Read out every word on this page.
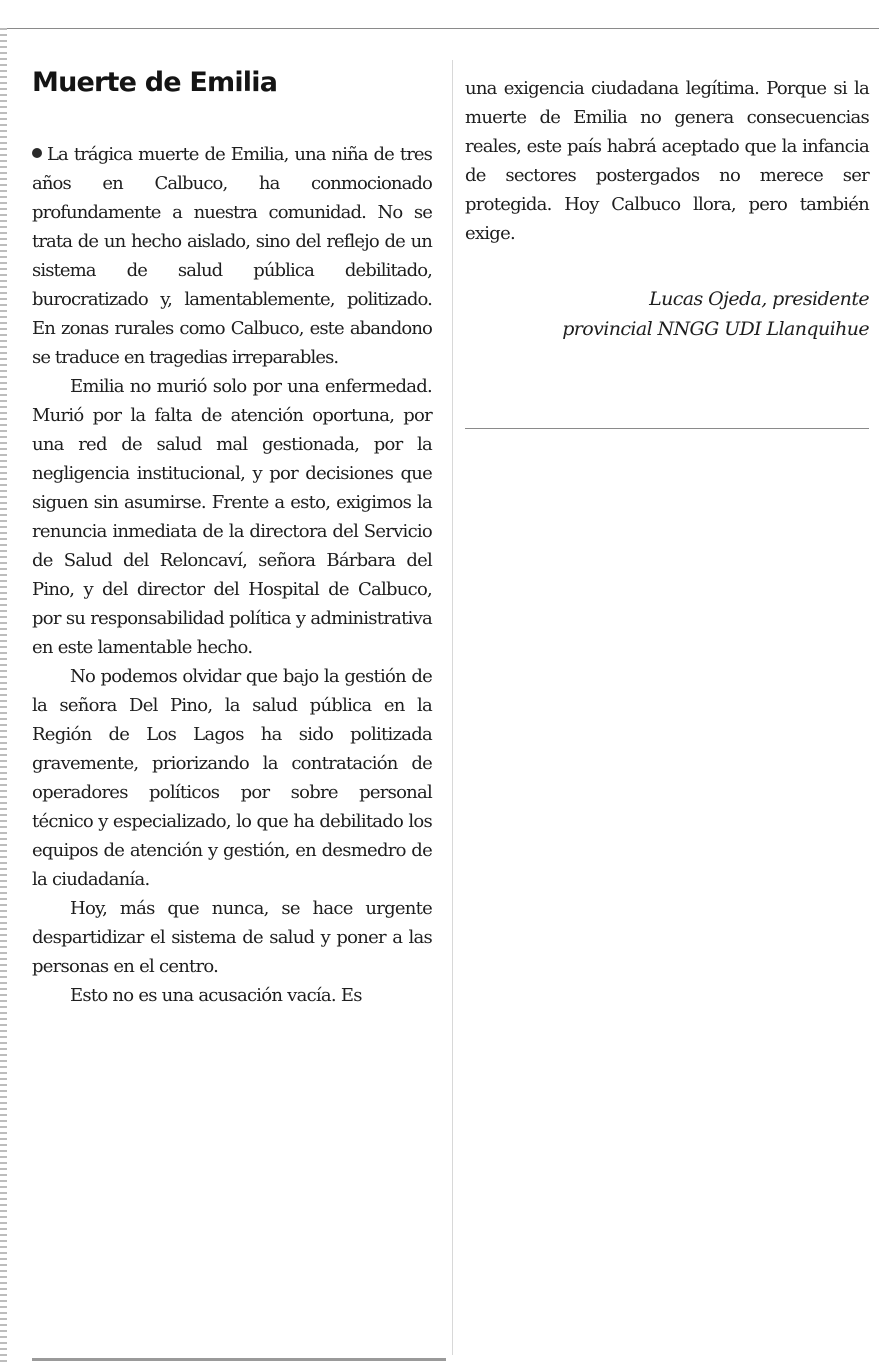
Muerte de Emilia

La trágica muerte de Emilia, una niña de tres años en Calbuco, ha conmocionado profundamente a nuestra comunidad. No se trata de un hecho aislado, sino del reflejo de un sistema de salud pública debilitado, burocratizado y, lamentablemente, politizado. En zonas rurales como Calbuco, este abandono se traduce en tragedias irreparables.

Emilia no murió solo por una enfermedad. Murió por la falta de atención oportuna, por una red de salud mal gestionada, por la negligencia institucional, y por decisiones que siguen sin asumirse. Frente a esto, exigimos la renuncia inmediata de la directora del Servicio de Salud del Reloncaví, señora Bárbara del Pino, y del director del Hospital de Calbuco, por su responsabilidad política y administrativa en este lamentable hecho.

No podemos olvidar que bajo la gestión de la señora Del Pino, la salud pública en la Región de Los Lagos ha sido politizada gravemente, priorizando la contratación de operadores políticos por sobre personal técnico y especializado, lo que ha debilitado los equipos de atención y gestión, en desmedro de la ciudadanía.

Hoy, más que nunca, se hace urgente despartidizar el sistema de salud y poner a las personas en el centro.

Esto no es una acusación vacía. Es

una exigencia ciudadana legítima. Porque si la muerte de Emilia no genera consecuencias reales, este país habrá aceptado que la infancia de sectores postergados no merece ser protegida. Hoy Calbuco llora, pero también exige.

Lucas Ojeda, presidente
provincial NNGG UDI Llanquihue
